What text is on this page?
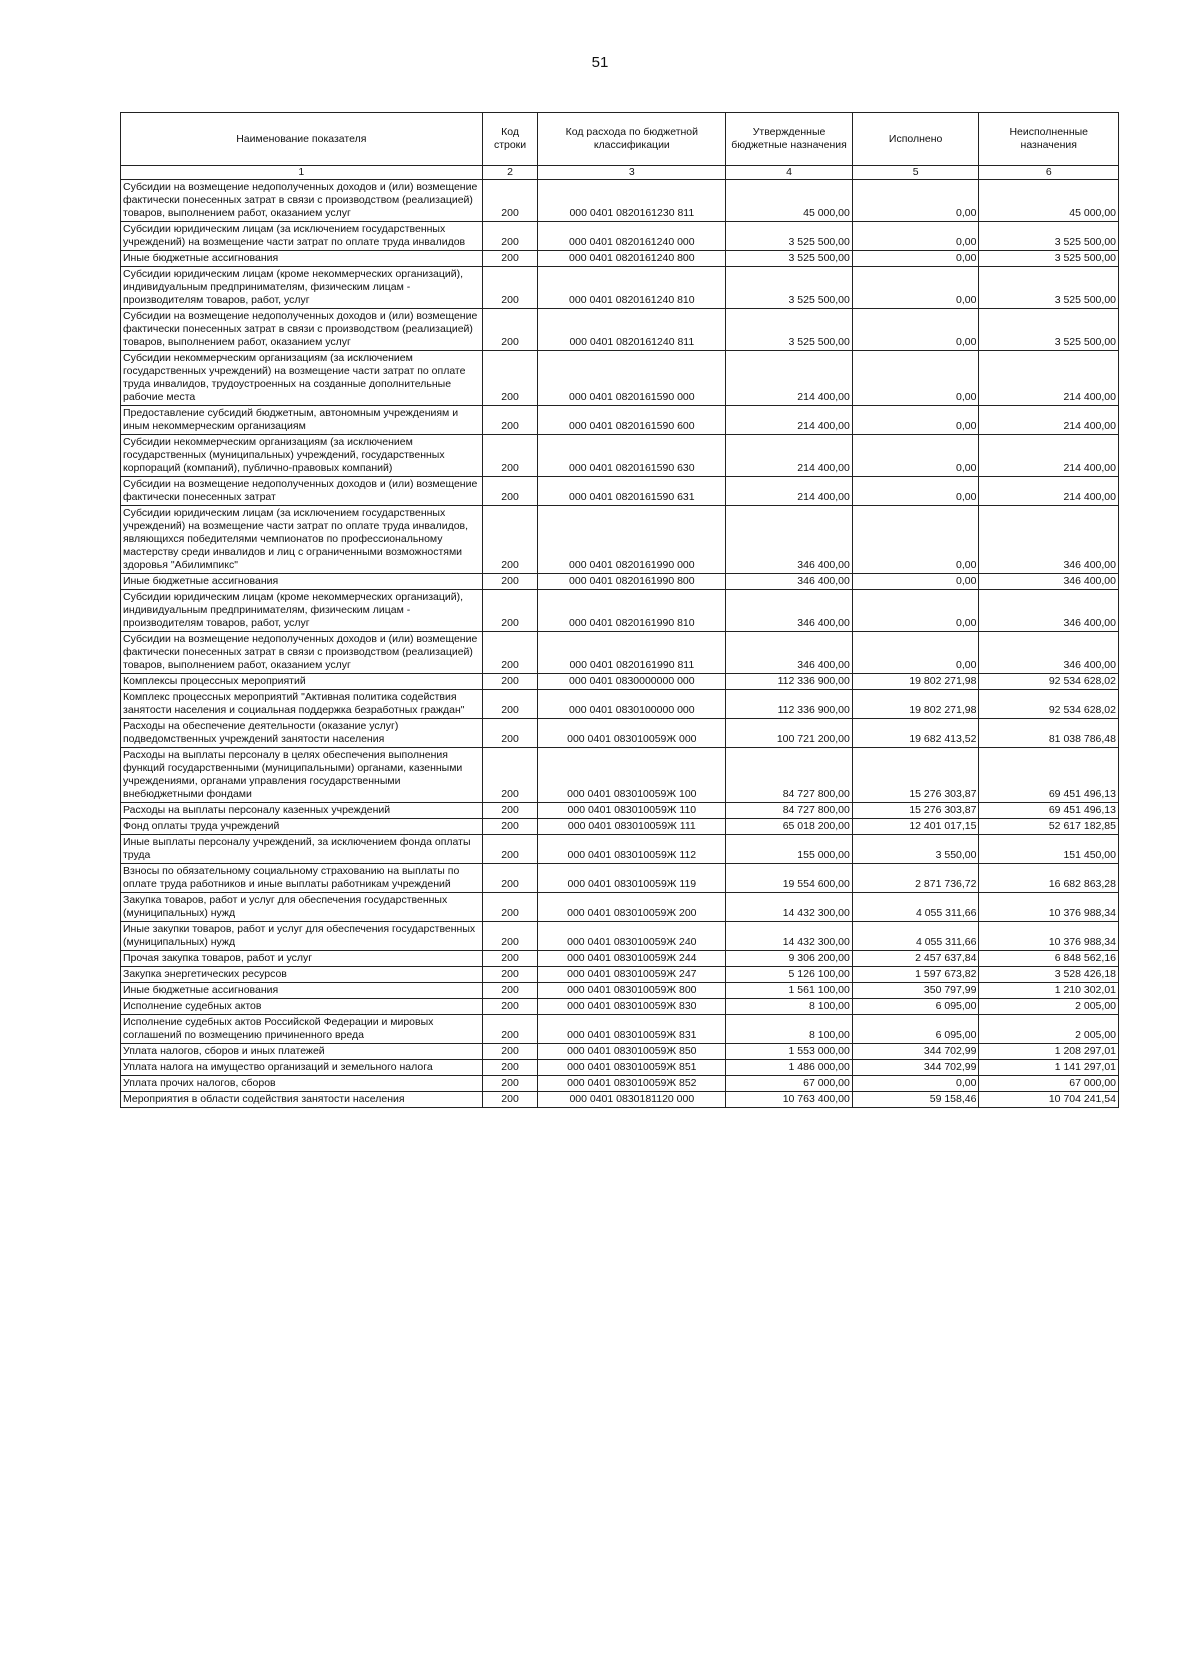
51
Наименование показателя	Код строки	Код расхода по бюджетной классификации	Утвержденные бюджетные назначения	Исполнено	Неисполненные назначения
1	2	3	4	5	6
Субсидии на возмещение недополученных доходов и (или) возмещение фактически понесенных затрат в связи с производством (реализацией) товаров, выполнением работ, оказанием услуг	200	000 0401 0820161230 811	45 000,00	0,00	45 000,00
Субсидии юридическим лицам (за исключением государственных учреждений) на возмещение части затрат по оплате труда инвалидов	200	000 0401 0820161240 000	3 525 500,00	0,00	3 525 500,00
Иные бюджетные ассигнования	200	000 0401 0820161240 800	3 525 500,00	0,00	3 525 500,00
Субсидии юридическим лицам (кроме некоммерческих организаций), индивидуальным предпринимателям, физическим лицам - производителям товаров, работ, услуг	200	000 0401 0820161240 810	3 525 500,00	0,00	3 525 500,00
Субсидии на возмещение недополученных доходов и (или) возмещение фактически понесенных затрат в связи с производством (реализацией) товаров, выполнением работ, оказанием услуг	200	000 0401 0820161240 811	3 525 500,00	0,00	3 525 500,00
Субсидии некоммерческим организациям (за исключением государственных учреждений) на возмещение части затрат по оплате труда инвалидов, трудоустроенных на созданные дополнительные рабочие места	200	000 0401 0820161590 000	214 400,00	0,00	214 400,00
Предоставление субсидий бюджетным, автономным учреждениям и иным некоммерческим организациям	200	000 0401 0820161590 600	214 400,00	0,00	214 400,00
Субсидии некоммерческим организациям (за исключением государственных (муниципальных) учреждений, государственных корпораций (компаний), публично-правовых компаний)	200	000 0401 0820161590 630	214 400,00	0,00	214 400,00
Субсидии на возмещение недополученных доходов и (или) возмещение фактически понесенных затрат	200	000 0401 0820161590 631	214 400,00	0,00	214 400,00
Субсидии юридическим лицам (за исключением государственных учреждений) на возмещение части затрат по оплате труда инвалидов, являющихся победителями чемпионатов по профессиональному мастерству среди инвалидов и лиц с ограниченными возможностями здоровья "Абилимпикс"	200	000 0401 0820161990 000	346 400,00	0,00	346 400,00
Иные бюджетные ассигнования	200	000 0401 0820161990 800	346 400,00	0,00	346 400,00
Субсидии юридическим лицам (кроме некоммерческих организаций), индивидуальным предпринимателям, физическим лицам - производителям товаров, работ, услуг	200	000 0401 0820161990 810	346 400,00	0,00	346 400,00
Субсидии на возмещение недополученных доходов и (или) возмещение фактически понесенных затрат в связи с производством (реализацией) товаров, выполнением работ, оказанием услуг	200	000 0401 0820161990 811	346 400,00	0,00	346 400,00
Комплексы процессных мероприятий	200	000 0401 0830000000 000	112 336 900,00	19 802 271,98	92 534 628,02
Комплекс процессных мероприятий "Активная политика содействия занятости населения и социальная поддержка безработных граждан"	200	000 0401 0830100000 000	112 336 900,00	19 802 271,98	92 534 628,02
Расходы на обеспечение деятельности (оказание услуг) подведомственных учреждений занятости населения	200	000 0401 083010059Ж 000	100 721 200,00	19 682 413,52	81 038 786,48
Расходы на выплаты персоналу в целях обеспечения выполнения функций государственными (муниципальными) органами, казенными учреждениями, органами управления государственными внебюджетными фондами	200	000 0401 083010059Ж 100	84 727 800,00	15 276 303,87	69 451 496,13
Расходы на выплаты персоналу казенных учреждений	200	000 0401 083010059Ж 110	84 727 800,00	15 276 303,87	69 451 496,13
Фонд оплаты труда учреждений	200	000 0401 083010059Ж 111	65 018 200,00	12 401 017,15	52 617 182,85
Иные выплаты персоналу учреждений, за исключением фонда оплаты труда	200	000 0401 083010059Ж 112	155 000,00	3 550,00	151 450,00
Взносы по обязательному социальному страхованию на выплаты по оплате труда работников и иные выплаты работникам учреждений	200	000 0401 083010059Ж 119	19 554 600,00	2 871 736,72	16 682 863,28
Закупка товаров, работ и услуг для обеспечения государственных (муниципальных) нужд	200	000 0401 083010059Ж 200	14 432 300,00	4 055 311,66	10 376 988,34
Иные закупки товаров, работ и услуг для обеспечения государственных (муниципальных) нужд	200	000 0401 083010059Ж 240	14 432 300,00	4 055 311,66	10 376 988,34
Прочая закупка товаров, работ и услуг	200	000 0401 083010059Ж 244	9 306 200,00	2 457 637,84	6 848 562,16
Закупка энергетических ресурсов	200	000 0401 083010059Ж 247	5 126 100,00	1 597 673,82	3 528 426,18
Иные бюджетные ассигнования	200	000 0401 083010059Ж 800	1 561 100,00	350 797,99	1 210 302,01
Исполнение судебных актов	200	000 0401 083010059Ж 830	8 100,00	6 095,00	2 005,00
Исполнение судебных актов Российской Федерации и мировых соглашений по возмещению причиненного вреда	200	000 0401 083010059Ж 831	8 100,00	6 095,00	2 005,00
Уплата налогов, сборов и иных платежей	200	000 0401 083010059Ж 850	1 553 000,00	344 702,99	1 208 297,01
Уплата налога на имущество организаций и земельного налога	200	000 0401 083010059Ж 851	1 486 000,00	344 702,99	1 141 297,01
Уплата прочих налогов, сборов	200	000 0401 083010059Ж 852	67 000,00	0,00	67 000,00
Мероприятия в области содействия занятости населения	200	000 0401 0830181120 000	10 763 400,00	59 158,46	10 704 241,54
